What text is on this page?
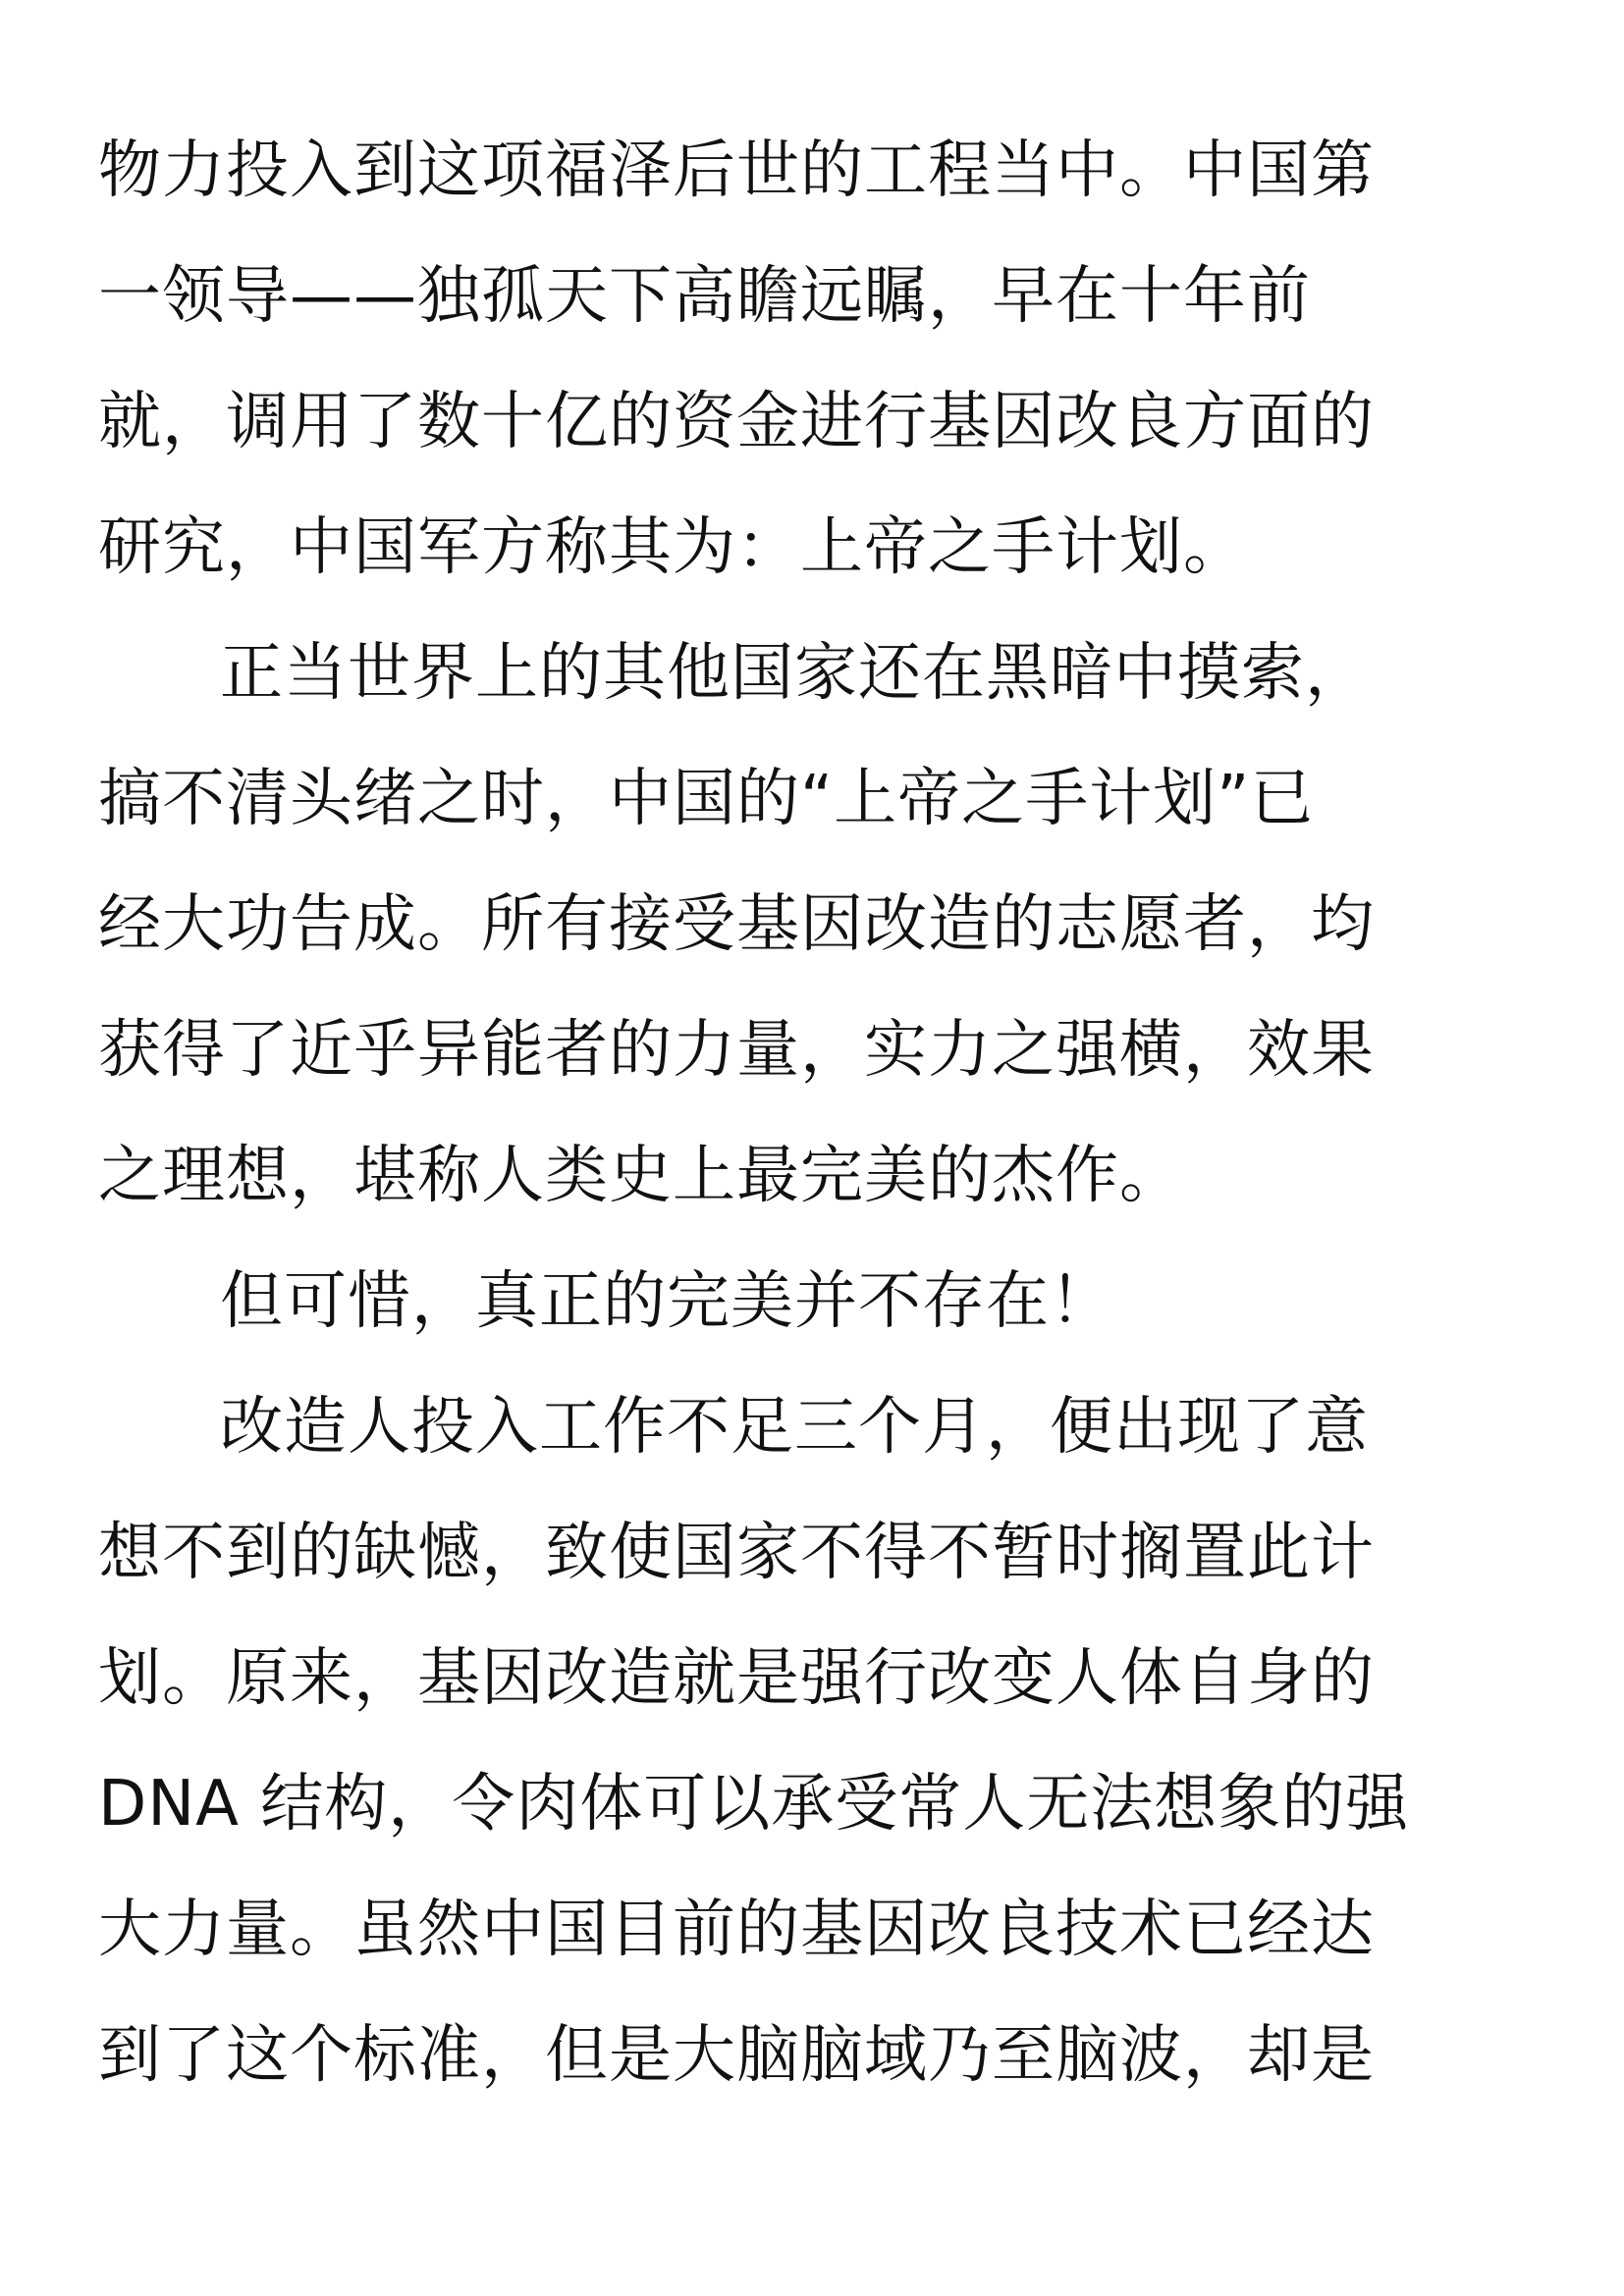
物力投入到这项福泽后世的工程当中。中国第
一领导——独孤天下高瞻远瞩，早在十年前
就，调用了数十亿的资金进行基因改良方面的
研究，中国军方称其为：上帝之手计划。
正当世界上的其他国家还在黑暗中摸索，
搞不清头绪之时，中国的“上帝之手计划”已
经大功告成。所有接受基因改造的志愿者，均
获得了近乎异能者的力量，实力之强横，效果
之理想，堪称人类史上最完美的杰作。
但可惜，真正的完美并不存在！
改造人投入工作不足三个月，便出现了意
想不到的缺憾，致使国家不得不暂时搁置此计
划。原来，基因改造就是强行改变人体自身的
DNA 结构，令肉体可以承受常人无法想象的强
大力量。虽然中国目前的基因改良技术已经达
到了这个标准，但是大脑脑域乃至脑波，却是
